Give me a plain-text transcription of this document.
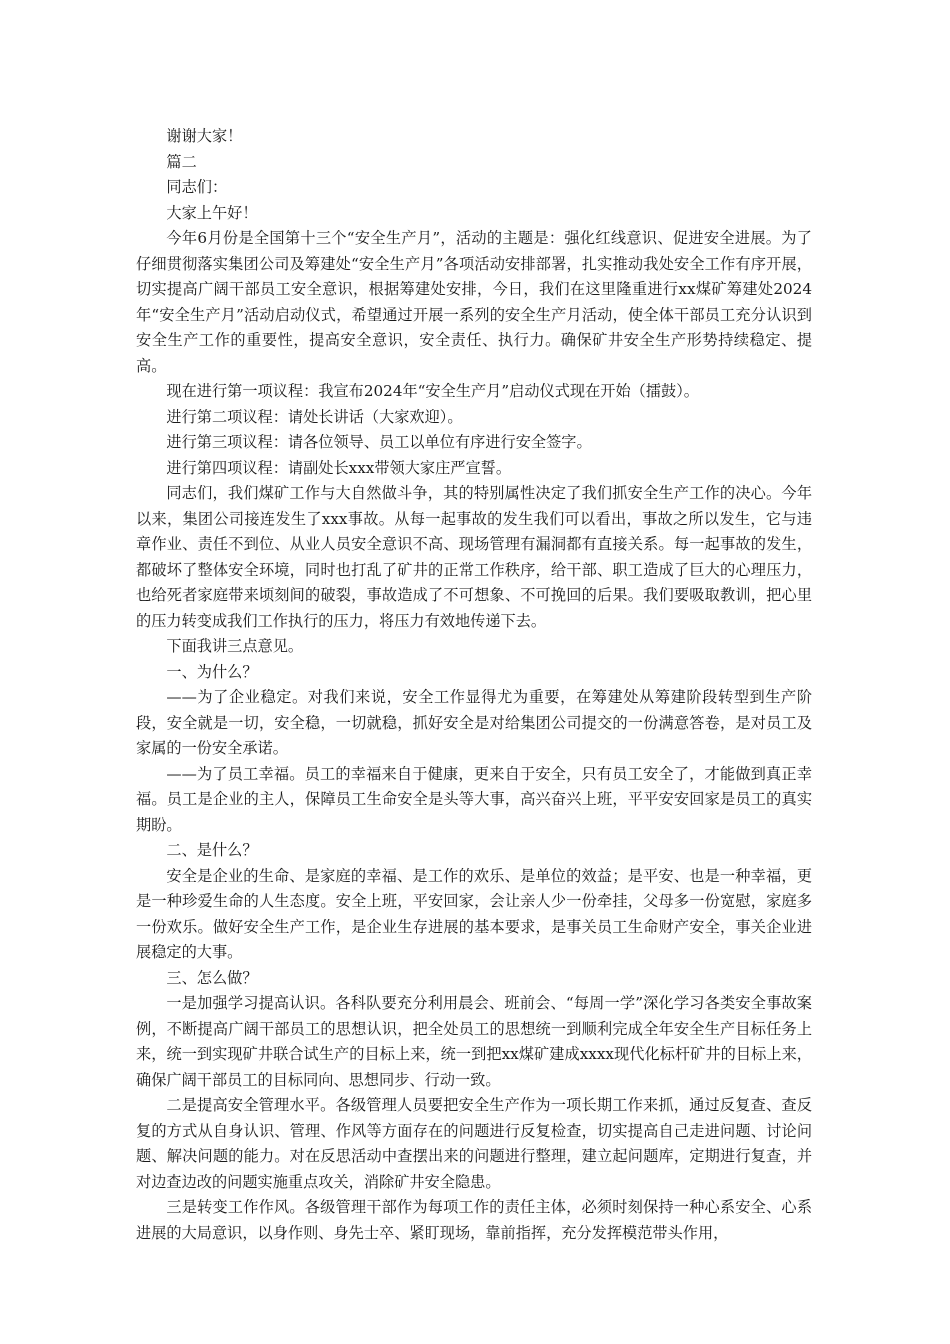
谢谢大家！

篇二

同志们：

大家上午好！

今年6月份是全国第十三个“安全生产月”，活动的主题是：强化红线意识、促进安全进展。为了仔细贯彻落实集团公司及筹建处“安全生产月”各项活动安排部署，扎实推动我处安全工作有序开展，切实提高广阔干部员工安全意识，根据筹建处安排，今日，我们在这里隆重进行xx煤矿筹建处2024年“安全生产月”活动启动仪式，希望通过开展一系列的安全生产月活动，使全体干部员工充分认识到安全生产工作的重要性，提高安全意识，安全责任、执行力。确保矿井安全生产形势持续稳定、提高。

现在进行第一项议程：我宣布2024年“安全生产月”启动仪式现在开始（擂鼓）。

进行第二项议程：请处长讲话（大家欢迎）。

进行第三项议程：请各位领导、员工以单位有序进行安全签字。

进行第四项议程：请副处长xxx带领大家庄严宣誓。

同志们，我们煤矿工作与大自然做斗争，其的特别属性决定了我们抓安全生产工作的决心。今年以来，集团公司接连发生了xxx事故。从每一起事故的发生我们可以看出，事故之所以发生，它与违章作业、责任不到位、从业人员安全意识不高、现场管理有漏洞都有直接关系。每一起事故的发生，都破坏了整体安全环境，同时也打乱了矿井的正常工作秩序，给干部、职工造成了巨大的心理压力，也给死者家庭带来顷刻间的破裂，事故造成了不可想象、不可挽回的后果。我们要吸取教训，把心里的压力转变成我们工作执行的压力，将压力有效地传递下去。

下面我讲三点意见。

一、为什么？

——为了企业稳定。对我们来说，安全工作显得尤为重要，在筹建处从筹建阶段转型到生产阶段，安全就是一切，安全稳，一切就稳，抓好安全是对给集团公司提交的一份满意答卷，是对员工及家属的一份安全承诺。

——为了员工幸福。员工的幸福来自于健康，更来自于安全，只有员工安全了，才能做到真正幸福。员工是企业的主人，保障员工生命安全是头等大事，高兴奋兴上班，平平安安回家是员工的真实期盼。

二、是什么？

安全是企业的生命、是家庭的幸福、是工作的欢乐、是单位的效益；是平安、也是一种幸福，更是一种珍爱生命的人生态度。安全上班，平安回家，会让亲人少一份牵挂，父母多一份宽慰，家庭多一份欢乐。做好安全生产工作，是企业生存进展的基本要求，是事关员工生命财产安全，事关企业进展稳定的大事。

三、怎么做？

一是加强学习提高认识。各科队要充分利用晨会、班前会、“每周一学”深化学习各类安全事故案例，不断提高广阔干部员工的思想认识，把全处员工的思想统一到顺利完成全年安全生产目标任务上来，统一到实现矿井联合试生产的目标上来，统一到把xx煤矿建成xxxx现代化标杆矿井的目标上来，确保广阔干部员工的目标同向、思想同步、行动一致。

二是提高安全管理水平。各级管理人员要把安全生产作为一项长期工作来抓，通过反复查、查反复的方式从自身认识、管理、作风等方面存在的问题进行反复检查，切实提高自己走进问题、讨论问题、解决问题的能力。对在反思活动中查摆出来的问题进行整理，建立起问题库，定期进行复查，并对边查边改的问题实施重点攻关，消除矿井安全隐患。

三是转变工作作风。各级管理干部作为每项工作的责任主体，必须时刻保持一种心系安全、心系进展的大局意识，以身作则、身先士卒、紧盯现场，靠前指挥，充分发挥模范带头作用，
